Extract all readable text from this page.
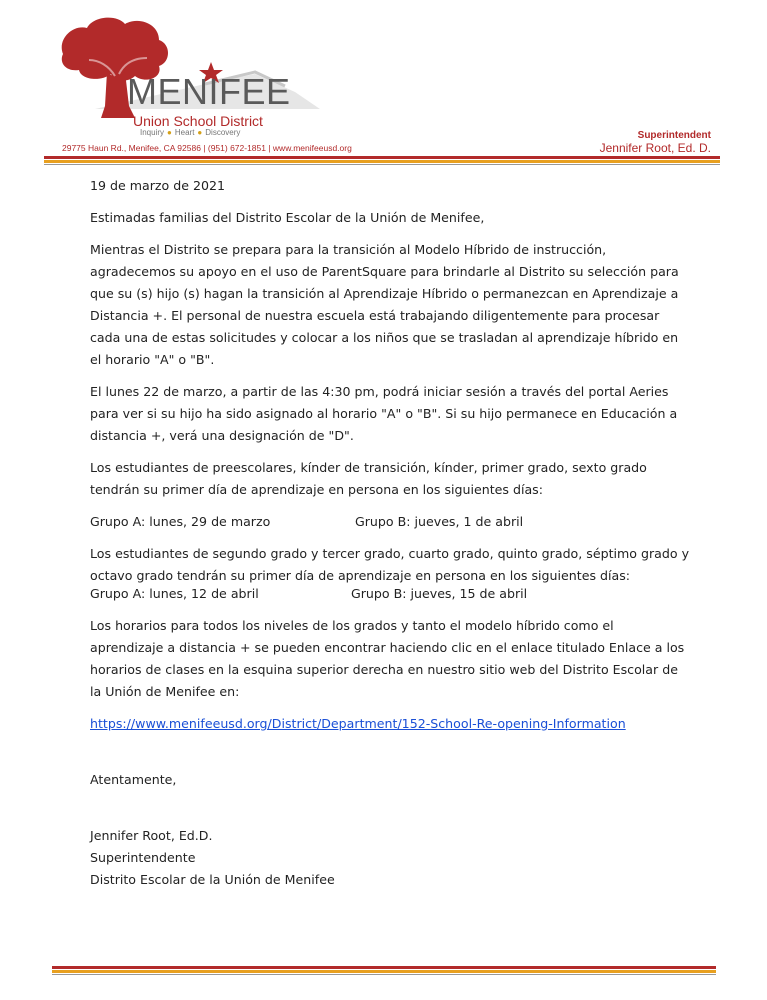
MENIFEE
Union School District
Inquiry ● Heart ● Discovery
29775 Haun Rd., Menifee, CA 92586 | (951) 672-1851 | www.menifeeusd.org
Superintendent
Jennifer Root, Ed. D.

19 de marzo de 2021

Estimadas familias del Distrito Escolar de la Unión de Menifee,

Mientras el Distrito se prepara para la transición al Modelo Híbrido de instrucción, agradecemos su apoyo en el uso de ParentSquare para brindarle al Distrito su selección para que su (s) hijo (s) hagan la transición al Aprendizaje Híbrido o permanezcan en Aprendizaje a Distancia +. El personal de nuestra escuela está trabajando diligentemente para procesar cada una de estas solicitudes y colocar a los niños que se trasladan al aprendizaje híbrido en el horario "A" o "B".

El lunes 22 de marzo, a partir de las 4:30 pm, podrá iniciar sesión a través del portal Aeries para ver si su hijo ha sido asignado al horario "A" o "B". Si su hijo permanece en Educación a distancia +, verá una designación de "D".

Los estudiantes de preescolares, kínder de transición, kínder, primer grado, sexto grado tendrán su primer día de aprendizaje en persona en los siguientes días:

Grupo A: lunes, 29 de marzo	Grupo B: jueves, 1 de abril

Los estudiantes de segundo grado y tercer grado, cuarto grado, quinto grado, séptimo grado y octavo grado tendrán su primer día de aprendizaje en persona en los siguientes días:

Grupo A: lunes, 12 de abril	Grupo B: jueves, 15 de abril

Los horarios para todos los niveles de los grados y tanto el modelo híbrido como el aprendizaje a distancia + se pueden encontrar haciendo clic en el enlace titulado Enlace a los horarios de clases en la esquina superior derecha en nuestro sitio web del Distrito Escolar de la Unión de Menifee en:

https://www.menifeeusd.org/District/Department/152-School-Re-opening-Information

Atentamente,

Jennifer Root, Ed.D.

Superintendente

Distrito Escolar de la Unión de Menifee
